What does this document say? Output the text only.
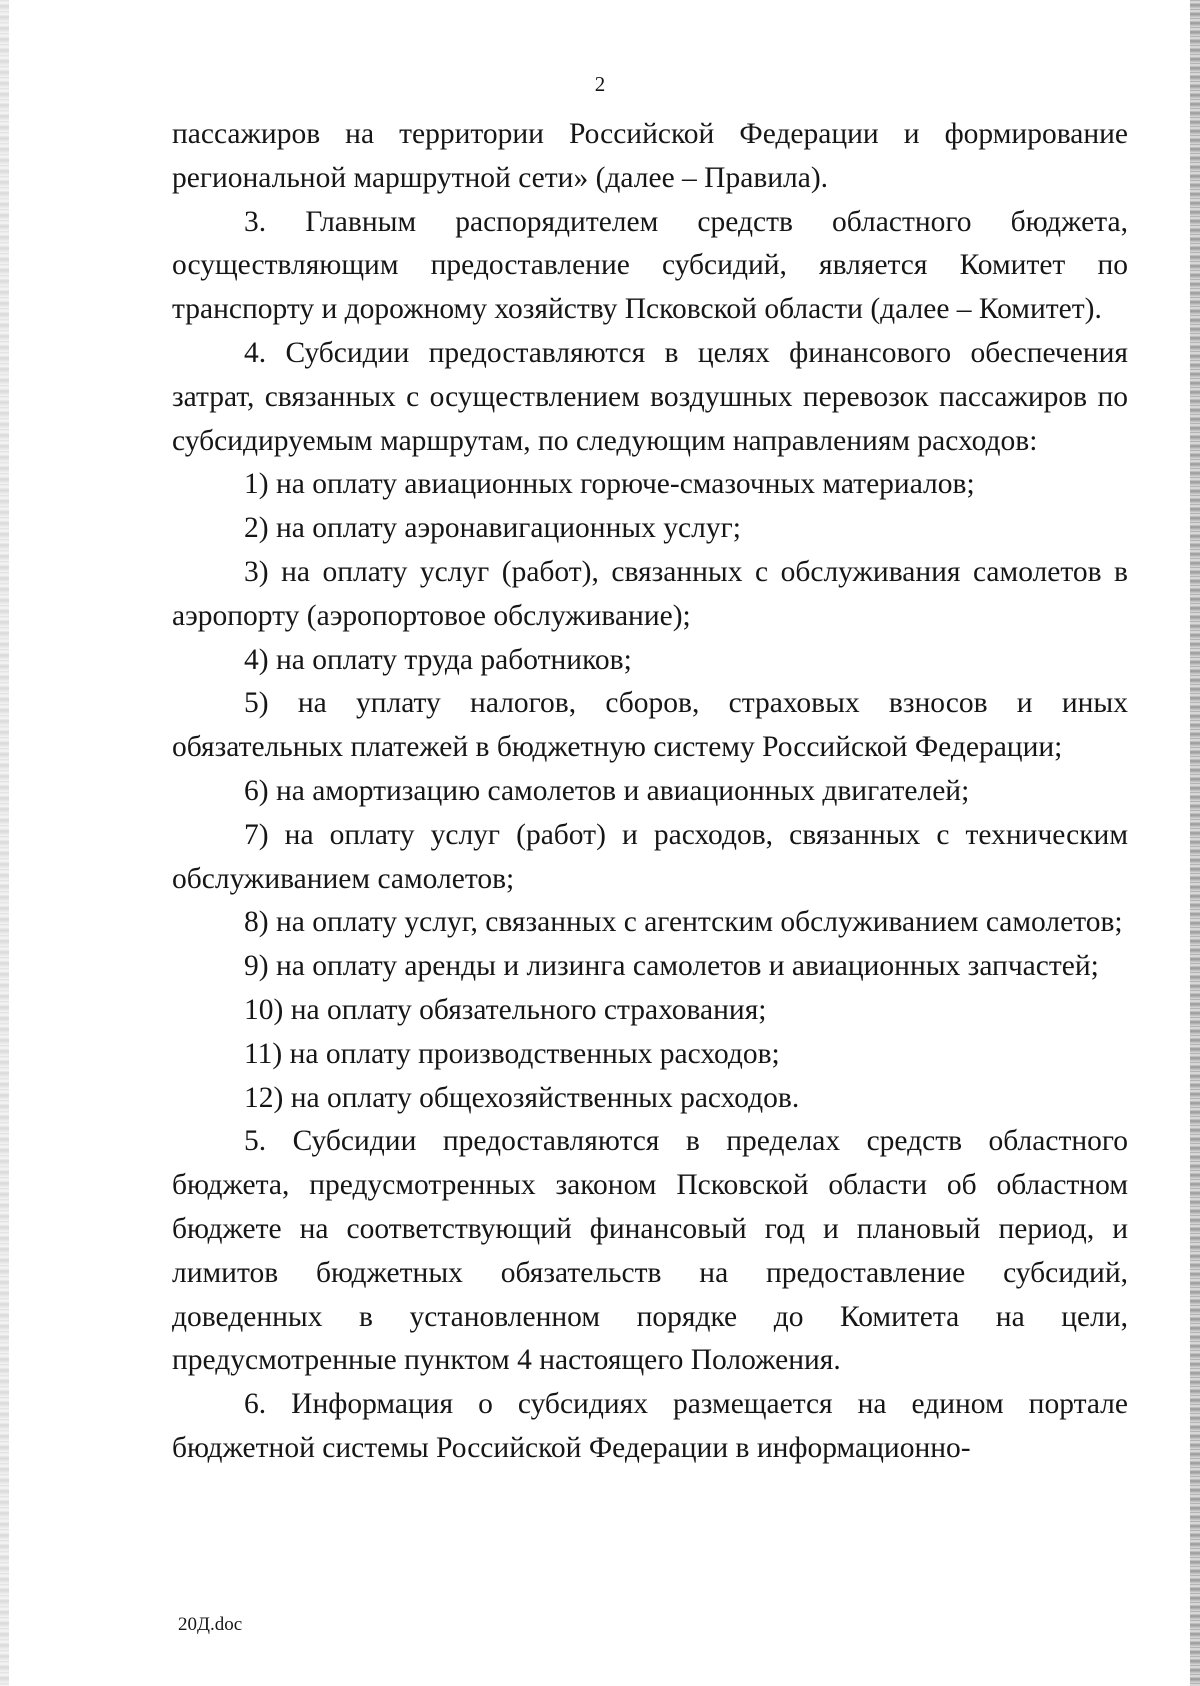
2

пассажиров на территории Российской Федерации и формирование региональной маршрутной сети» (далее – Правила).

3. Главным распорядителем средств областного бюджета, осуществляющим предоставление субсидий, является Комитет по транспорту и дорожному хозяйству Псковской области (далее – Комитет).

4. Субсидии предоставляются в целях финансового обеспечения затрат, связанных с осуществлением воздушных перевозок пассажиров по субсидируемым маршрутам, по следующим направлениям расходов:

1) на оплату авиационных горюче-смазочных материалов;

2) на оплату аэронавигационных услуг;

3) на оплату услуг (работ), связанных с обслуживания самолетов в аэропорту (аэропортовое обслуживание);

4) на оплату труда работников;

5) на уплату налогов, сборов, страховых взносов и иных обязательных платежей в бюджетную систему Российской Федерации;

6) на амортизацию самолетов и авиационных двигателей;

7) на оплату услуг (работ) и расходов, связанных с техническим обслуживанием самолетов;

8) на оплату услуг, связанных с агентским обслуживанием самолетов;

9) на оплату аренды и лизинга самолетов и авиационных запчастей;

10) на оплату обязательного страхования;

11) на оплату производственных расходов;

12) на оплату общехозяйственных расходов.

5. Субсидии предоставляются в пределах средств областного бюджета, предусмотренных законом Псковской области об областном бюджете на соответствующий финансовый год и плановый период, и лимитов бюджетных обязательств на предоставление субсидий, доведенных в установленном порядке до Комитета на цели, предусмотренные пунктом 4 настоящего Положения.

6. Информация о субсидиях размещается на едином портале бюджетной системы Российской Федерации в информационно-

20Д.doc
